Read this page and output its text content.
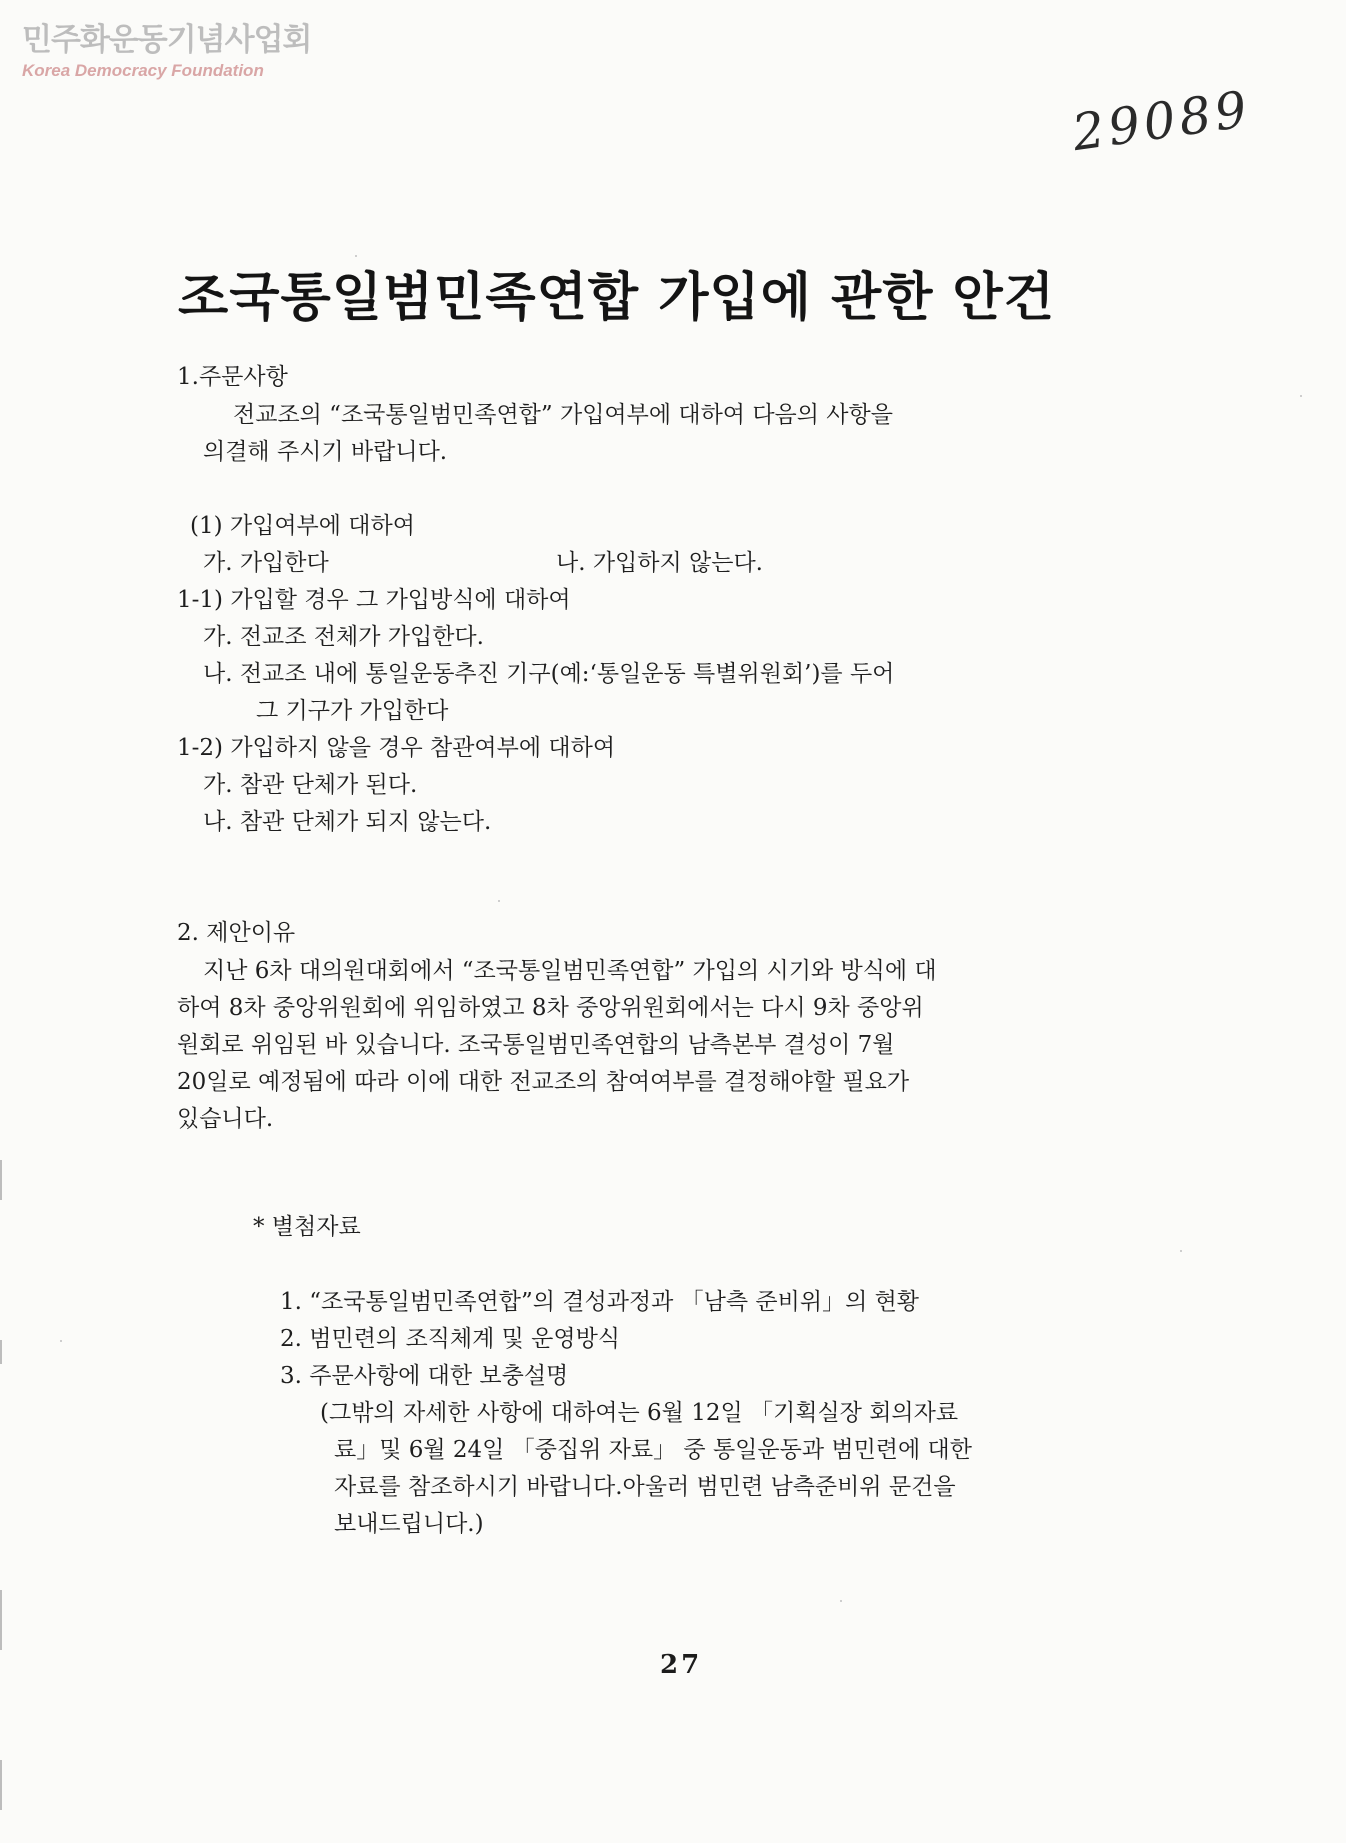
민주화운동기념사업회
Korea Democracy Foundation
29089
조국통일범민족연합 가입에 관한 안건
1.주문사항
전교조의 “조국통일범민족연합” 가입여부에 대하여 다음의 사항을
의결해 주시기 바랍니다.
(1) 가입여부에 대하여
가. 가입한다	나. 가입하지 않는다.
1-1) 가입할 경우 그 가입방식에 대하여
가. 전교조 전체가 가입한다.
나. 전교조 내에 통일운동추진 기구(예:‘통일운동 특별위원회’)를 두어
그 기구가 가입한다
1-2) 가입하지 않을 경우 참관여부에 대하여
가. 참관 단체가 된다.
나. 참관 단체가 되지 않는다.
2. 제안이유
지난 6차 대의원대회에서 “조국통일범민족연합” 가입의 시기와 방식에 대
하여 8차 중앙위원회에 위임하였고 8차 중앙위원회에서는 다시 9차 중앙위
원회로 위임된 바 있습니다. 조국통일범민족연합의 남측본부 결성이 7월
20일로 예정됨에 따라 이에 대한 전교조의 참여여부를 결정해야할 필요가
있습니다.
* 별첨자료
1. “조국통일범민족연합”의 결성과정과 「남측 준비위」의 현황
2. 범민련의 조직체계 및 운영방식
3. 주문사항에 대한 보충설명
(그밖의 자세한 사항에 대하여는 6월 12일 「기획실장 회의자료
료」및 6월 24일 「중집위 자료」 중 통일운동과 범민련에 대한
자료를 참조하시기 바랍니다.아울러 범민련 남측준비위 문건을
보내드립니다.)
27
